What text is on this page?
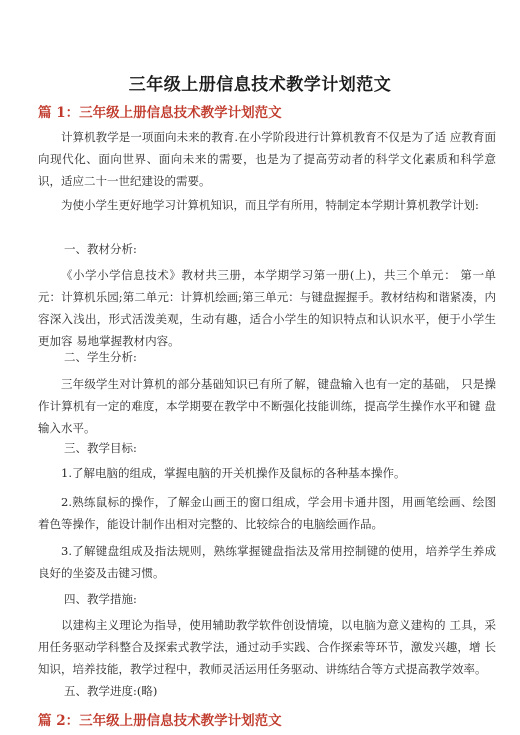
三年级上册信息技术教学计划范文
篇 1：三年级上册信息技术教学计划范文
计算机教学是一项面向未来的教育.在小学阶段进行计算机教育不仅是为了适 应教育面向现代化、面向世界、面向未来的需要，也是为了提高劳动者的科学文化素质和科学意 识，适应二十一世纪建设的需要。
为使小学生更好地学习计算机知识，而且学有所用，特制定本学期计算机教学计划:
一、教材分析:
《小学小学信息技术》教材共三册，本学期学习第一册(上)，共三个单元： 第一单元：计算机乐园;第二单元：计算机绘画;第三单元：与键盘握握手。教材结构和谐紧凑，内 容深入浅出，形式活泼美观，生动有趣，适合小学生的知识特点和认识水平，便于小学生更加容 易地掌握教材内容。
二、学生分析:
三年级学生对计算机的部分基础知识已有所了解，键盘输入也有一定的基础， 只是操作计算机有一定的难度，本学期要在教学中不断强化技能训练，提高学生操作水平和键 盘输入水平。
三、教学目标:
1.了解电脑的组成，掌握电脑的开关机操作及鼠标的各种基本操作。
2.熟练鼠标的操作，了解金山画王的窗口组成，学会用卡通井图，用画笔绘画、绘图着色等操作，能设计制作出相对完整的、比较综合的电脑绘画作品。
3.了解键盘组成及指法规则，熟练掌握键盘指法及常用控制键的使用，培养学生养成良好的坐姿及击键习惯。
四、教学措施:
以建构主义理论为指导，使用辅助教学软件创设情境，以电脑为意义建构的 工具，采用任务驱动学科整合及探索式教学法，通过动手实践、合作探索等环节，激发兴趣，增 长知识，培养技能，教学过程中，教师灵活运用任务驱动、讲练结合等方式提高教学效率。
五、教学进度:(略)
篇 2：三年级上册信息技术教学计划范文
